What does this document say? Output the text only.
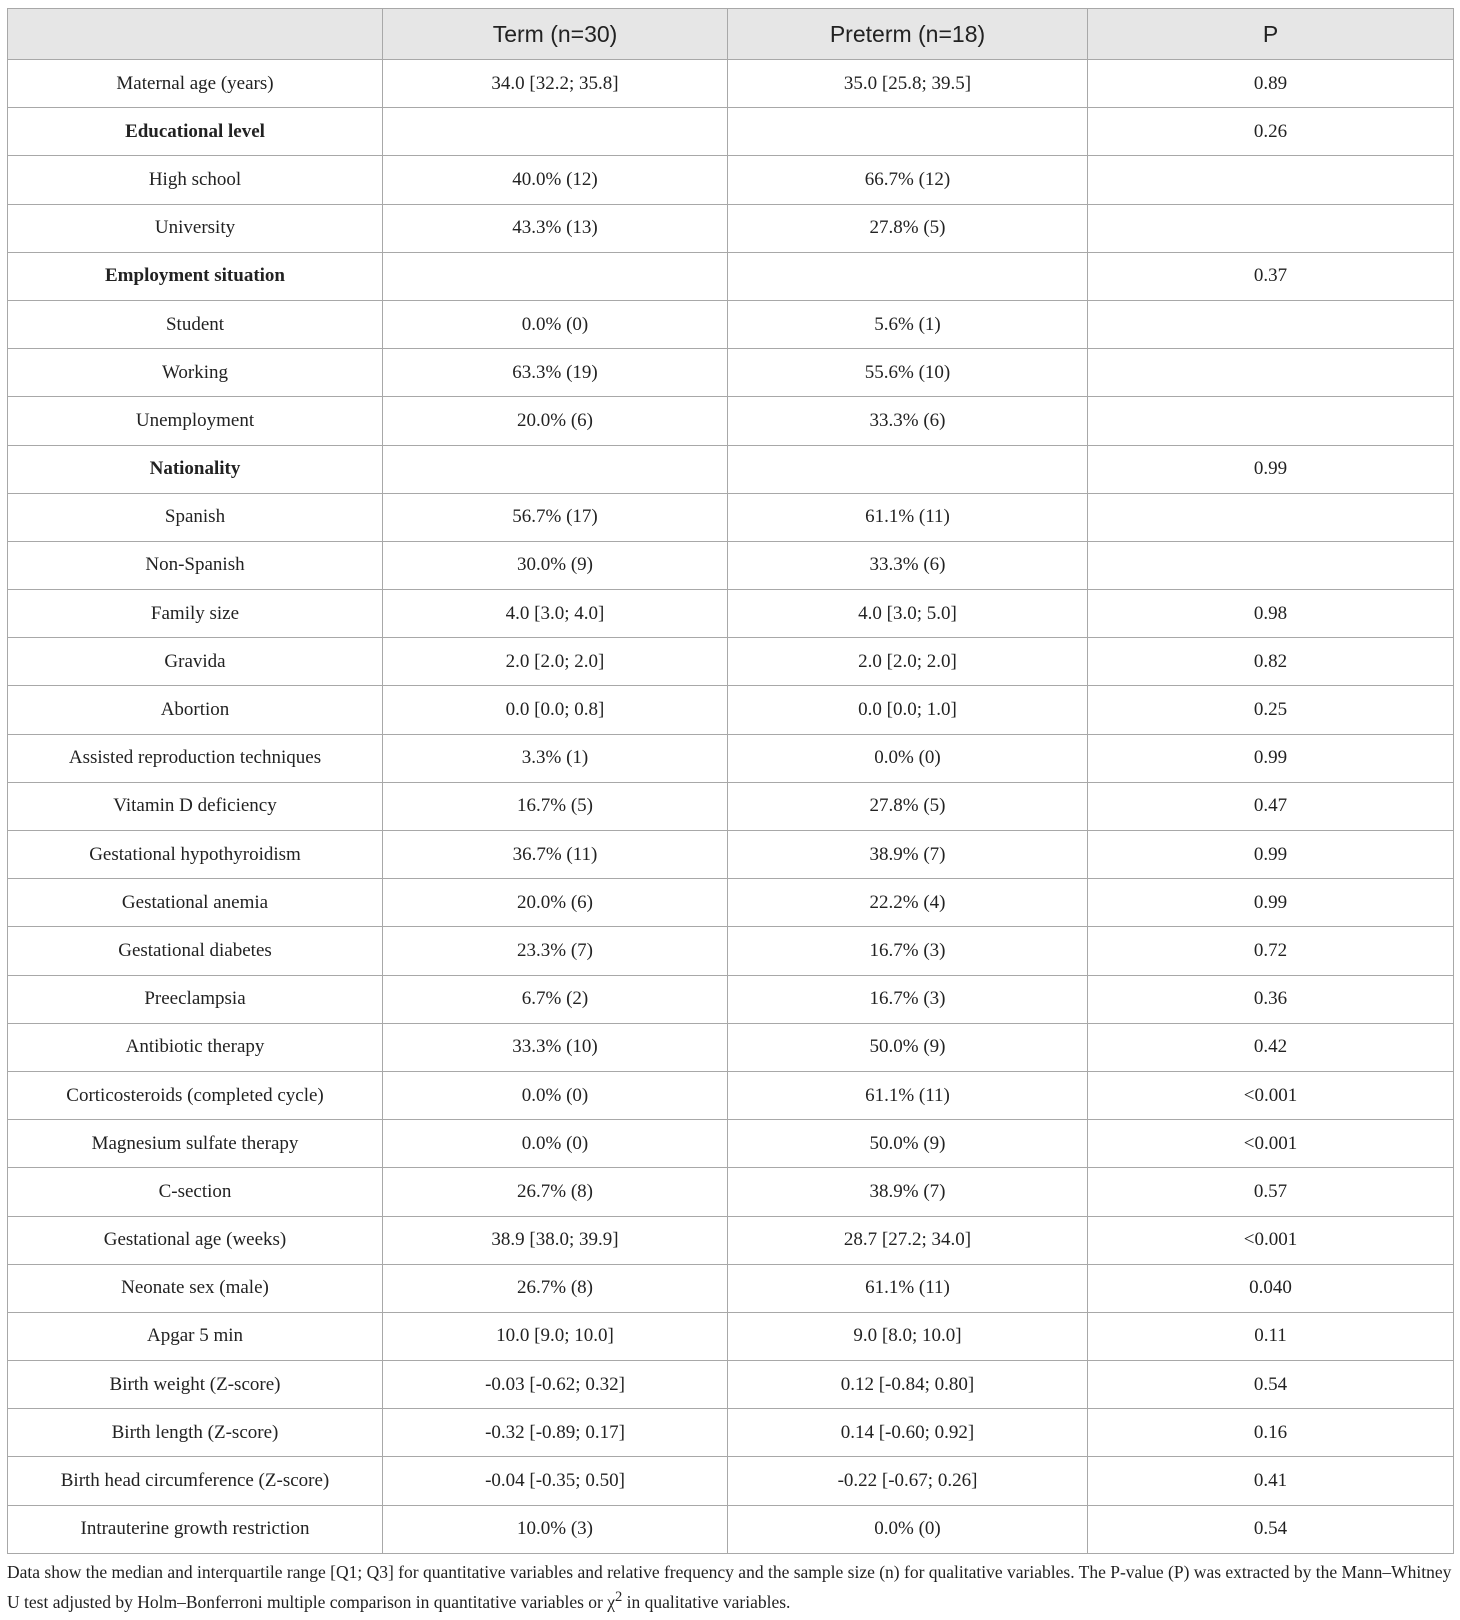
	Term (n=30)	Preterm (n=18)	P
Maternal age (years)	34.0 [32.2; 35.8]	35.0 [25.8; 39.5]	0.89
Educational level			0.26
High school	40.0% (12)	66.7% (12)	
University	43.3% (13)	27.8% (5)	
Employment situation			0.37
Student	0.0% (0)	5.6% (1)	
Working	63.3% (19)	55.6% (10)	
Unemployment	20.0% (6)	33.3% (6)	
Nationality			0.99
Spanish	56.7% (17)	61.1% (11)	
Non-Spanish	30.0% (9)	33.3% (6)	
Family size	4.0 [3.0; 4.0]	4.0 [3.0; 5.0]	0.98
Gravida	2.0 [2.0; 2.0]	2.0 [2.0; 2.0]	0.82
Abortion	0.0 [0.0; 0.8]	0.0 [0.0; 1.0]	0.25
Assisted reproduction techniques	3.3% (1)	0.0% (0)	0.99
Vitamin D deficiency	16.7% (5)	27.8% (5)	0.47
Gestational hypothyroidism	36.7% (11)	38.9% (7)	0.99
Gestational anemia	20.0% (6)	22.2% (4)	0.99
Gestational diabetes	23.3% (7)	16.7% (3)	0.72
Preeclampsia	6.7% (2)	16.7% (3)	0.36
Antibiotic therapy	33.3% (10)	50.0% (9)	0.42
Corticosteroids (completed cycle)	0.0% (0)	61.1% (11)	<0.001
Magnesium sulfate therapy	0.0% (0)	50.0% (9)	<0.001
C-section	26.7% (8)	38.9% (7)	0.57
Gestational age (weeks)	38.9 [38.0; 39.9]	28.7 [27.2; 34.0]	<0.001
Neonate sex (male)	26.7% (8)	61.1% (11)	0.040
Apgar 5 min	10.0 [9.0; 10.0]	9.0 [8.0; 10.0]	0.11
Birth weight (Z-score)	-0.03 [-0.62; 0.32]	0.12 [-0.84; 0.80]	0.54
Birth length (Z-score)	-0.32 [-0.89; 0.17]	0.14 [-0.60; 0.92]	0.16
Birth head circumference (Z-score)	-0.04 [-0.35; 0.50]	-0.22 [-0.67; 0.26]	0.41
Intrauterine growth restriction	10.0% (3)	0.0% (0)	0.54
Data show the median and interquartile range [Q1; Q3] for quantitative variables and relative frequency and the sample size (n) for qualitative variables. The P-value (P) was extracted by the Mann–Whitney U test adjusted by Holm–Bonferroni multiple comparison in quantitative variables or $\chi^2$ in qualitative variables.
